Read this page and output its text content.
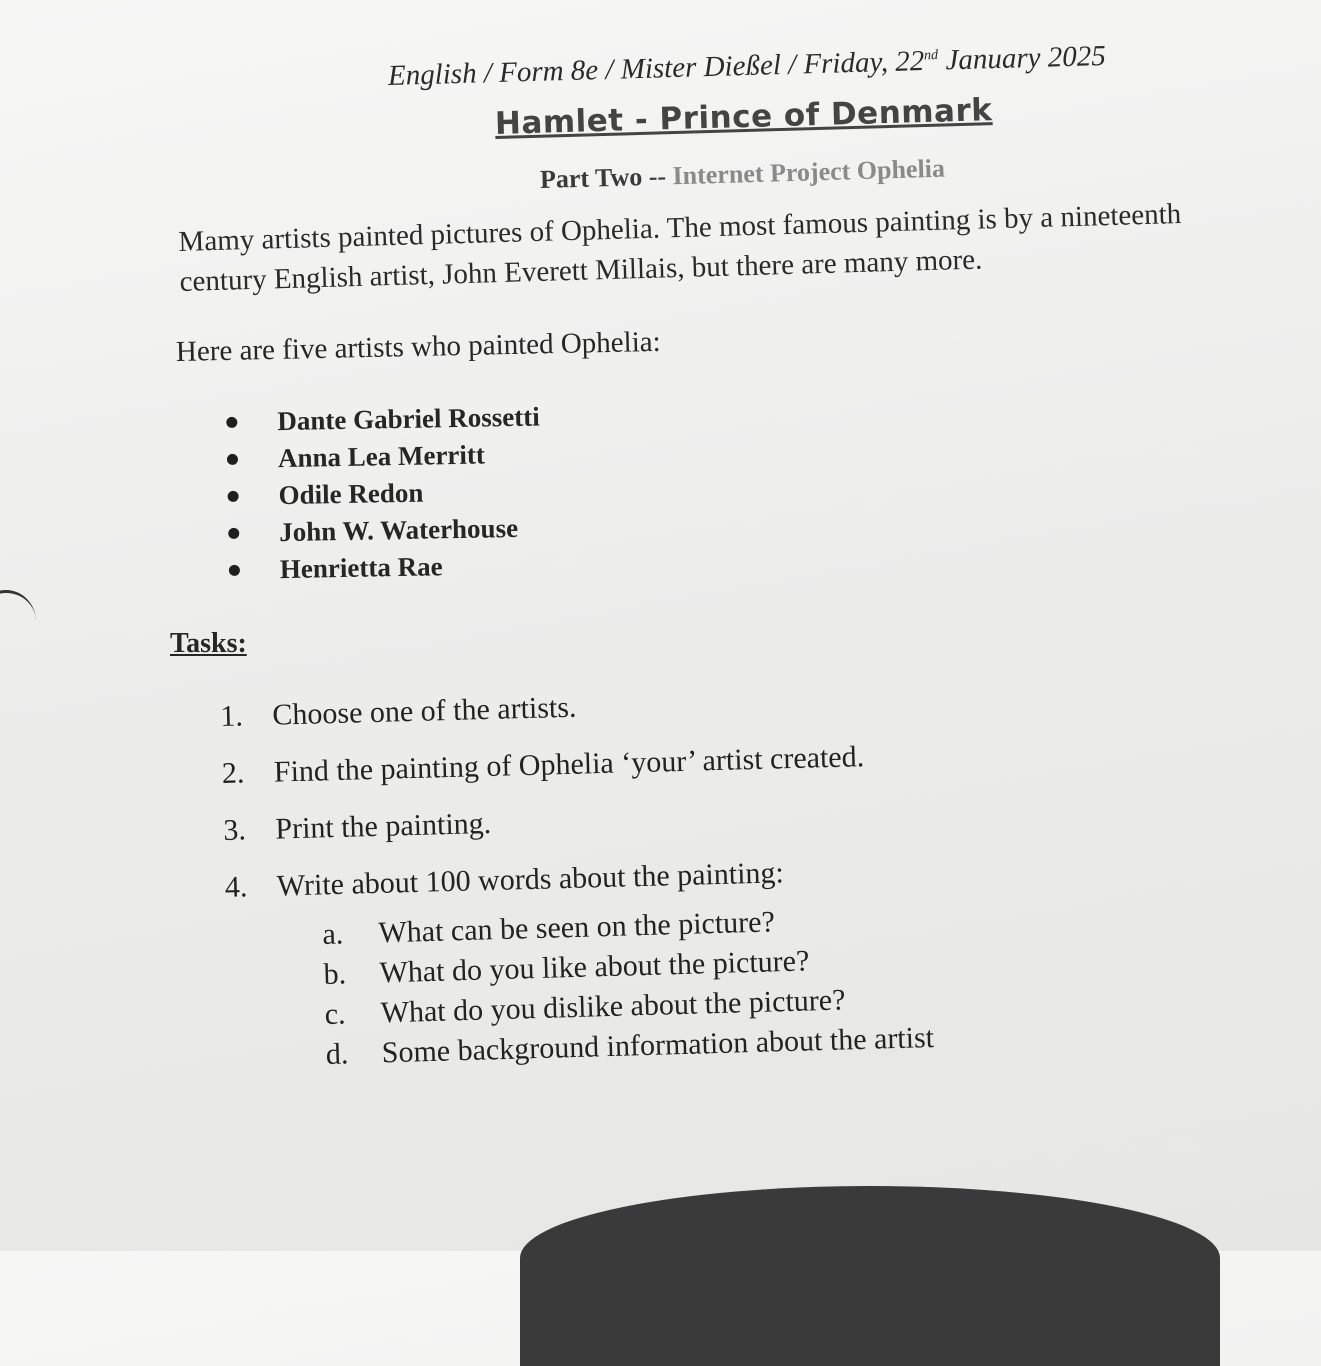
English / Form 8e / Mister Dießel / Friday, 22nd January 2025
Hamlet - Prince of Denmark
Part Two -- Internet Project Ophelia
Mamy artists painted pictures of Ophelia. The most famous painting is by a nineteenth
century English artist, John Everett Millais, but there are many more.
Here are five artists who painted Ophelia:
Dante Gabriel Rossetti
Anna Lea Merritt
Odile Redon
John W. Waterhouse
Henrietta Rae
Tasks:
1. Choose one of the artists.
2. Find the painting of Ophelia ‘your’ artist created.
3. Print the painting.
4. Write about 100 words about the painting:
a.	What can be seen on the picture?
b.	What do you like about the picture?
c.	What do you dislike about the picture?
d.	Some background information about the artist
